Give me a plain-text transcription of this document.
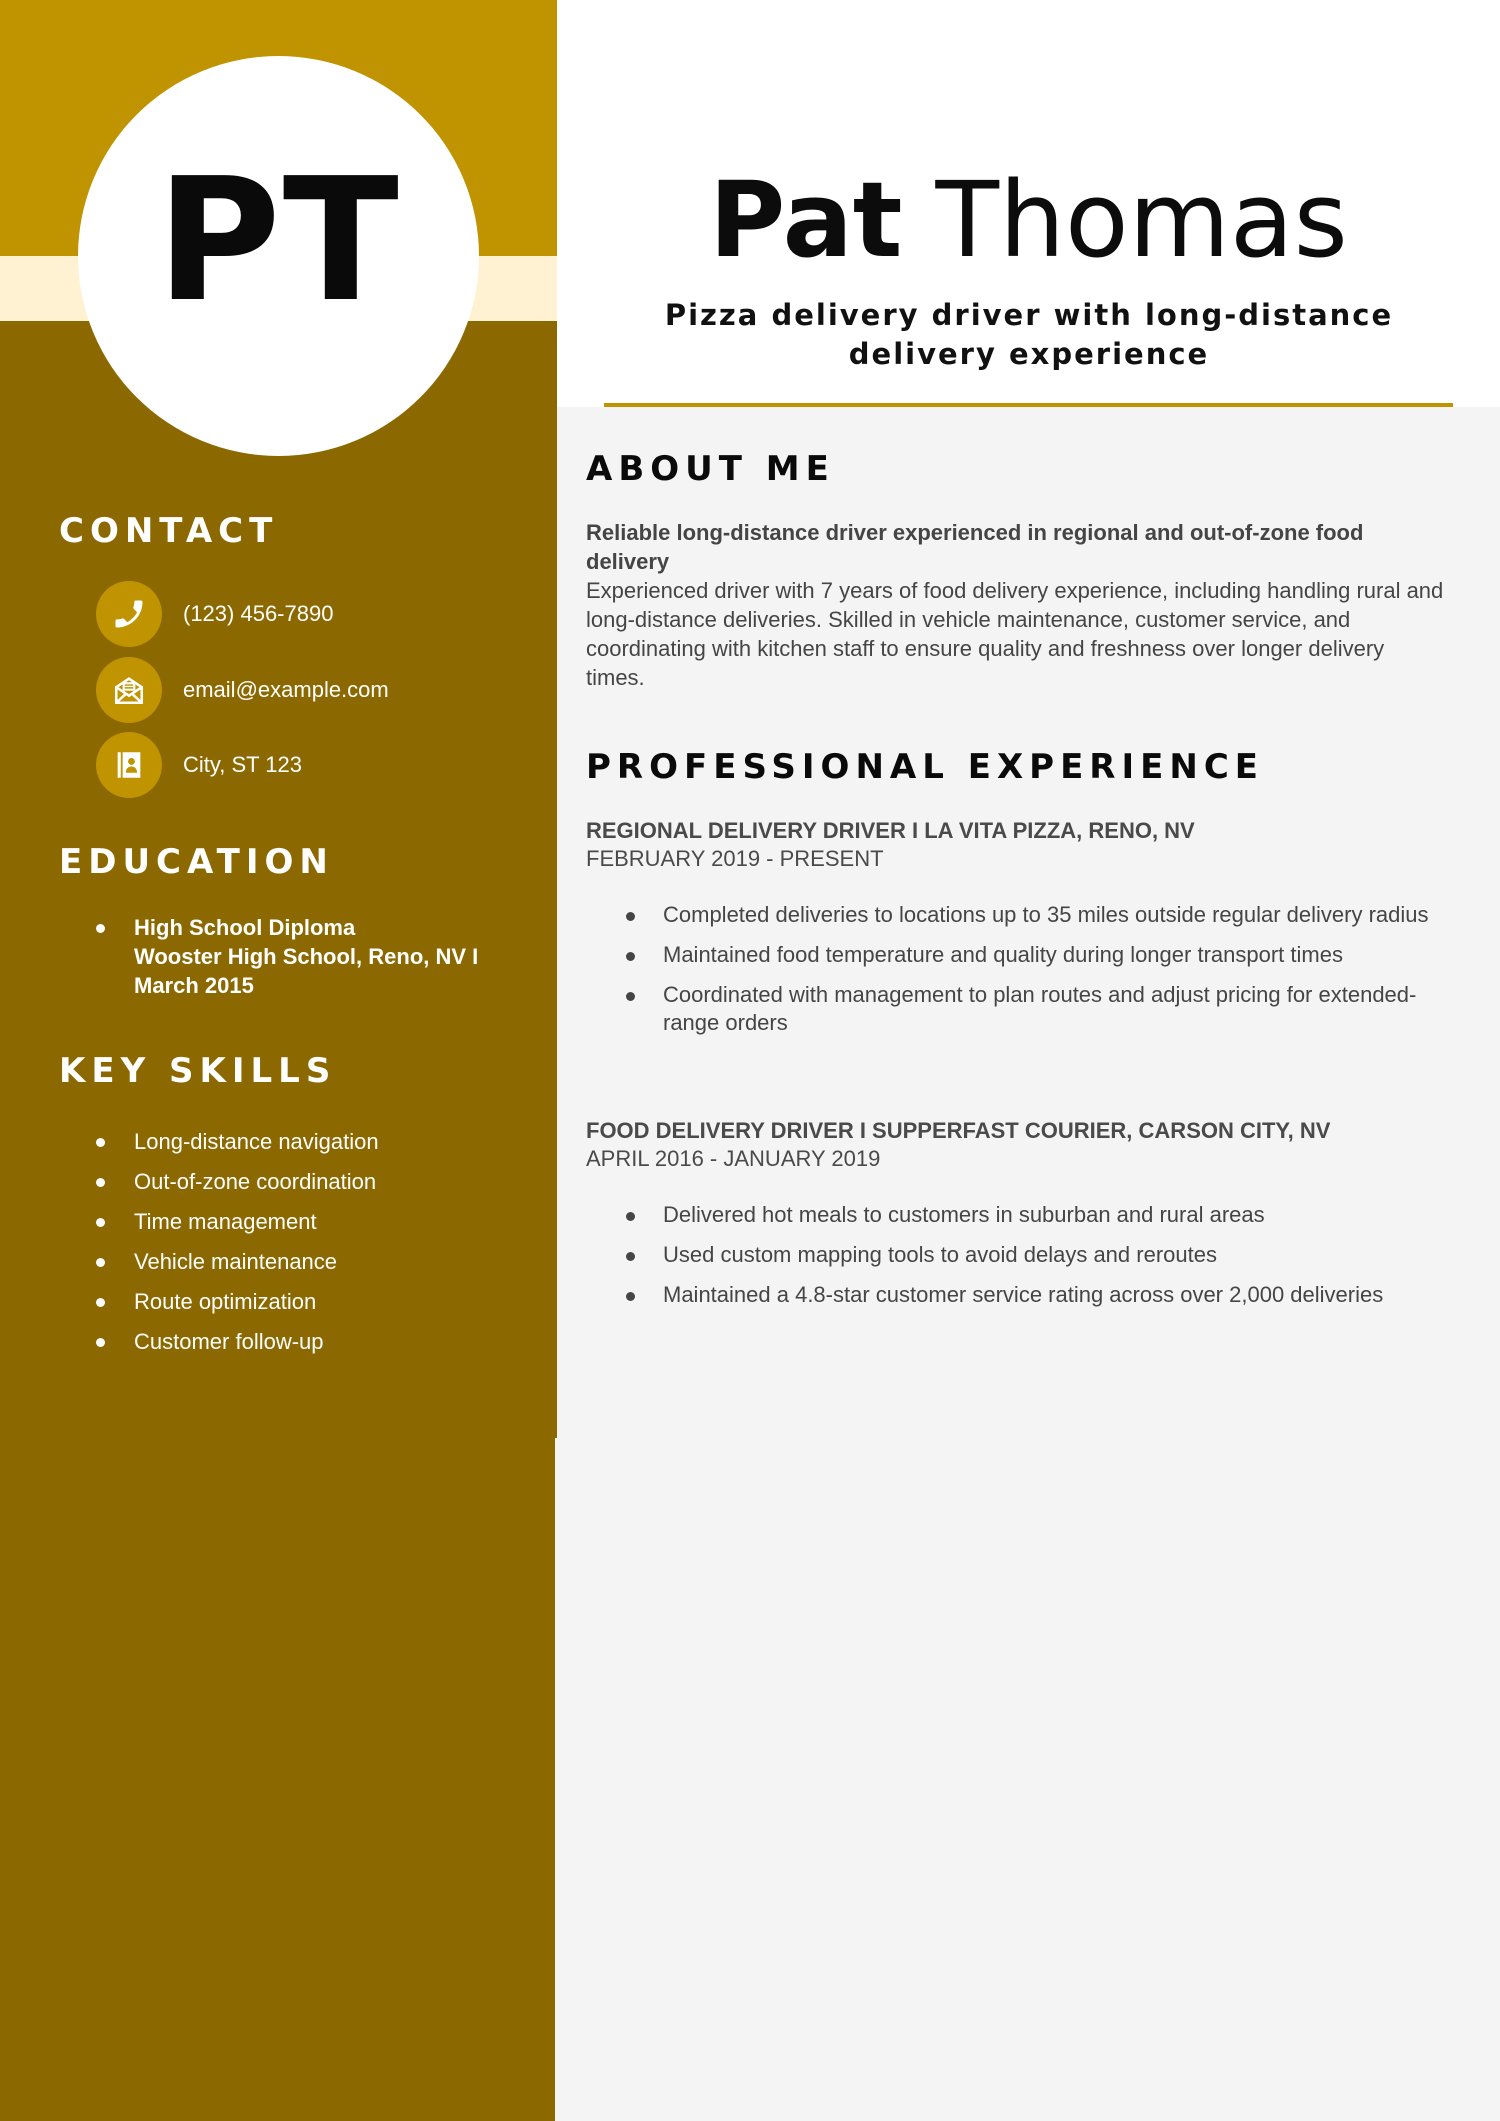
PT	Pat Thomas
Pizza delivery driver with long-distance delivery experience
CONTACT
(123) 456-7890
email@example.com
City, ST 123
EDUCATION
High School Diploma
Wooster High School, Reno, NV I
March 2015
KEY SKILLS
Long-distance navigation
Out-of-zone coordination
Time management
Vehicle maintenance
Route optimization
Customer follow-up
ABOUT ME
Reliable long-distance driver experienced in regional and out-of-zone food delivery
Experienced driver with 7 years of food delivery experience, including handling rural and long-distance deliveries. Skilled in vehicle maintenance, customer service, and coordinating with kitchen staff to ensure quality and freshness over longer delivery times.
PROFESSIONAL EXPERIENCE
REGIONAL DELIVERY DRIVER I LA VITA PIZZA, RENO, NV
FEBRUARY 2019 - PRESENT
Completed deliveries to locations up to 35 miles outside regular delivery radius
Maintained food temperature and quality during longer transport times
Coordinated with management to plan routes and adjust pricing for extended-range orders
FOOD DELIVERY DRIVER I SUPPERFAST COURIER, CARSON CITY, NV
APRIL 2016 - JANUARY 2019
Delivered hot meals to customers in suburban and rural areas
Used custom mapping tools to avoid delays and reroutes
Maintained a 4.8-star customer service rating across over 2,000 deliveries
